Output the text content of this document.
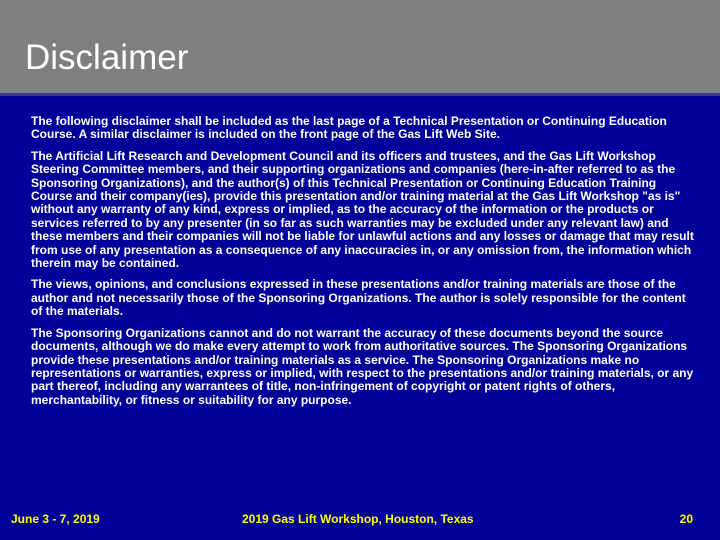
Disclaimer

The following disclaimer shall be included as the last page of a Technical Presentation or Continuing Education Course. A similar disclaimer is included on the front page of the Gas Lift Web Site.

The Artificial Lift Research and Development Council and its officers and trustees, and the Gas Lift Workshop Steering Committee members, and their supporting organizations and companies (here-in-after referred to as the Sponsoring Organizations), and the author(s) of this Technical Presentation or Continuing Education Training Course and their company(ies), provide this presentation and/or training material at the Gas Lift Workshop "as is" without any warranty of any kind, express or implied, as to the accuracy of the information or the products or services referred to by any presenter (in so far as such warranties may be excluded under any relevant law) and these members and their companies will not be liable for unlawful actions and any losses or damage that may result from use of any presentation as a consequence of any inaccuracies in, or any omission from, the information which therein may be contained.

The views, opinions, and conclusions expressed in these presentations and/or training materials are those of the author and not necessarily those of the Sponsoring Organizations. The author is solely responsible for the content of the materials.

The Sponsoring Organizations cannot and do not warrant the accuracy of these documents beyond the source documents, although we do make every attempt to work from authoritative sources. The Sponsoring Organizations provide these presentations and/or training materials as a service. The Sponsoring Organizations make no representations or warranties, express or implied, with respect to the presentations and/or training materials, or any part thereof, including any warrantees of title, non-infringement of copyright or patent rights of others, merchantability, or fitness or suitability for any purpose.

June 3 - 7, 2019	2019 Gas Lift Workshop, Houston, Texas	20
